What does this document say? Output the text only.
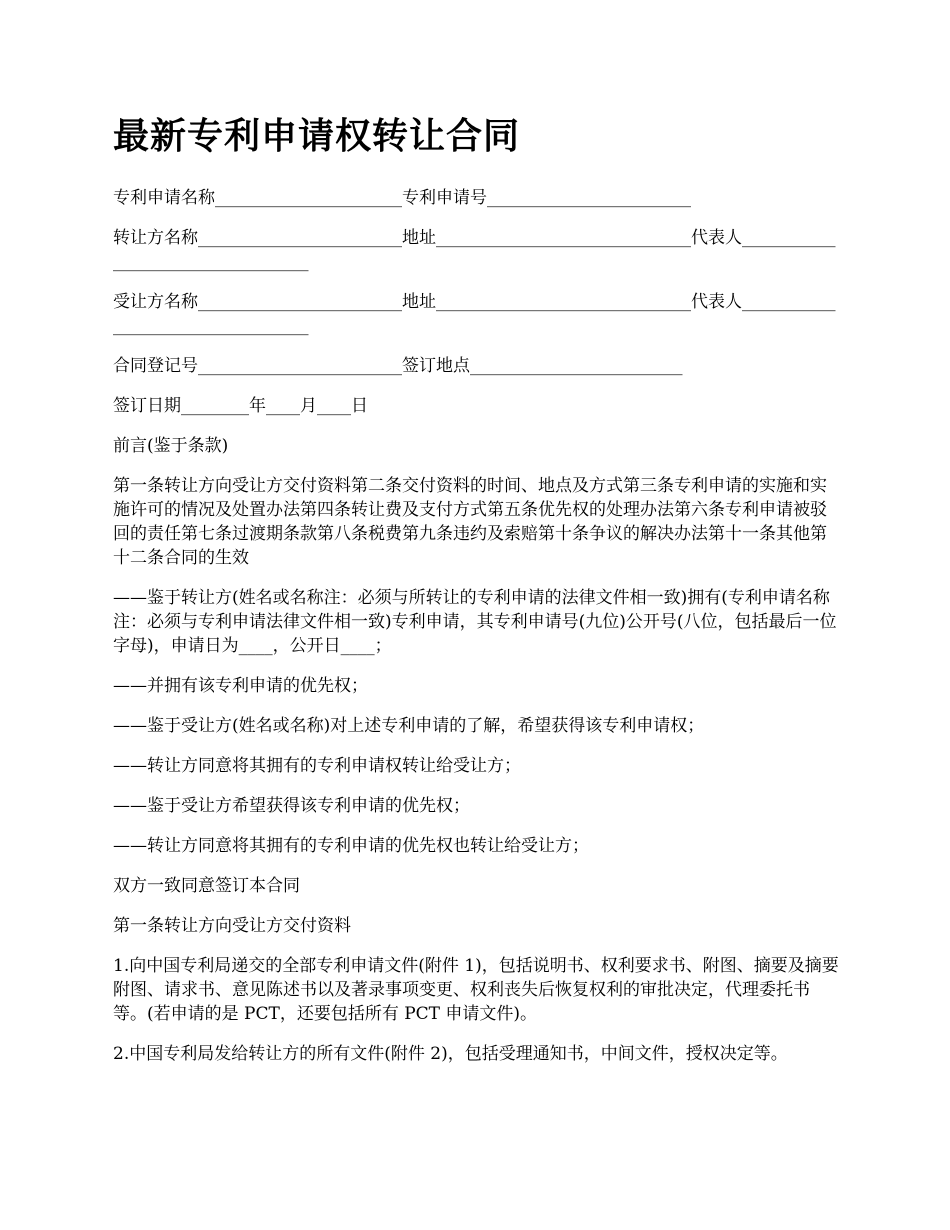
最新专利申请权转让合同

专利申请名称______________________专利申请号________________________

转让方名称________________________地址______________________________代表人__________________________________

受让方名称________________________地址______________________________代表人__________________________________

合同登记号________________________签订地点_________________________

签订日期________年____月____日

前言(鉴于条款)

第一条转让方向受让方交付资料第二条交付资料的时间、地点及方式第三条专利申请的实施和实施许可的情况及处置办法第四条转让费及支付方式第五条优先权的处理办法第六条专利申请被驳回的责任第七条过渡期条款第八条税费第九条违约及索赔第十条争议的解决办法第十一条其他第十二条合同的生效

——鉴于转让方(姓名或名称注：必须与所转让的专利申请的法律文件相一致)拥有(专利申请名称注：必须与专利申请法律文件相一致)专利申请，其专利申请号(九位)公开号(八位，包括最后一位字母)，申请日为____，公开日____；

——并拥有该专利申请的优先权；

——鉴于受让方(姓名或名称)对上述专利申请的了解，希望获得该专利申请权；

——转让方同意将其拥有的专利申请权转让给受让方；

——鉴于受让方希望获得该专利申请的优先权；

——转让方同意将其拥有的专利申请的优先权也转让给受让方；

双方一致同意签订本合同

第一条转让方向受让方交付资料

1.向中国专利局递交的全部专利申请文件(附件 1)，包括说明书、权利要求书、附图、摘要及摘要附图、请求书、意见陈述书以及著录事项变更、权利丧失后恢复权利的审批决定，代理委托书等。(若申请的是 PCT，还要包括所有 PCT 申请文件)。

2.中国专利局发给转让方的所有文件(附件 2)，包括受理通知书，中间文件，授权决定等。
